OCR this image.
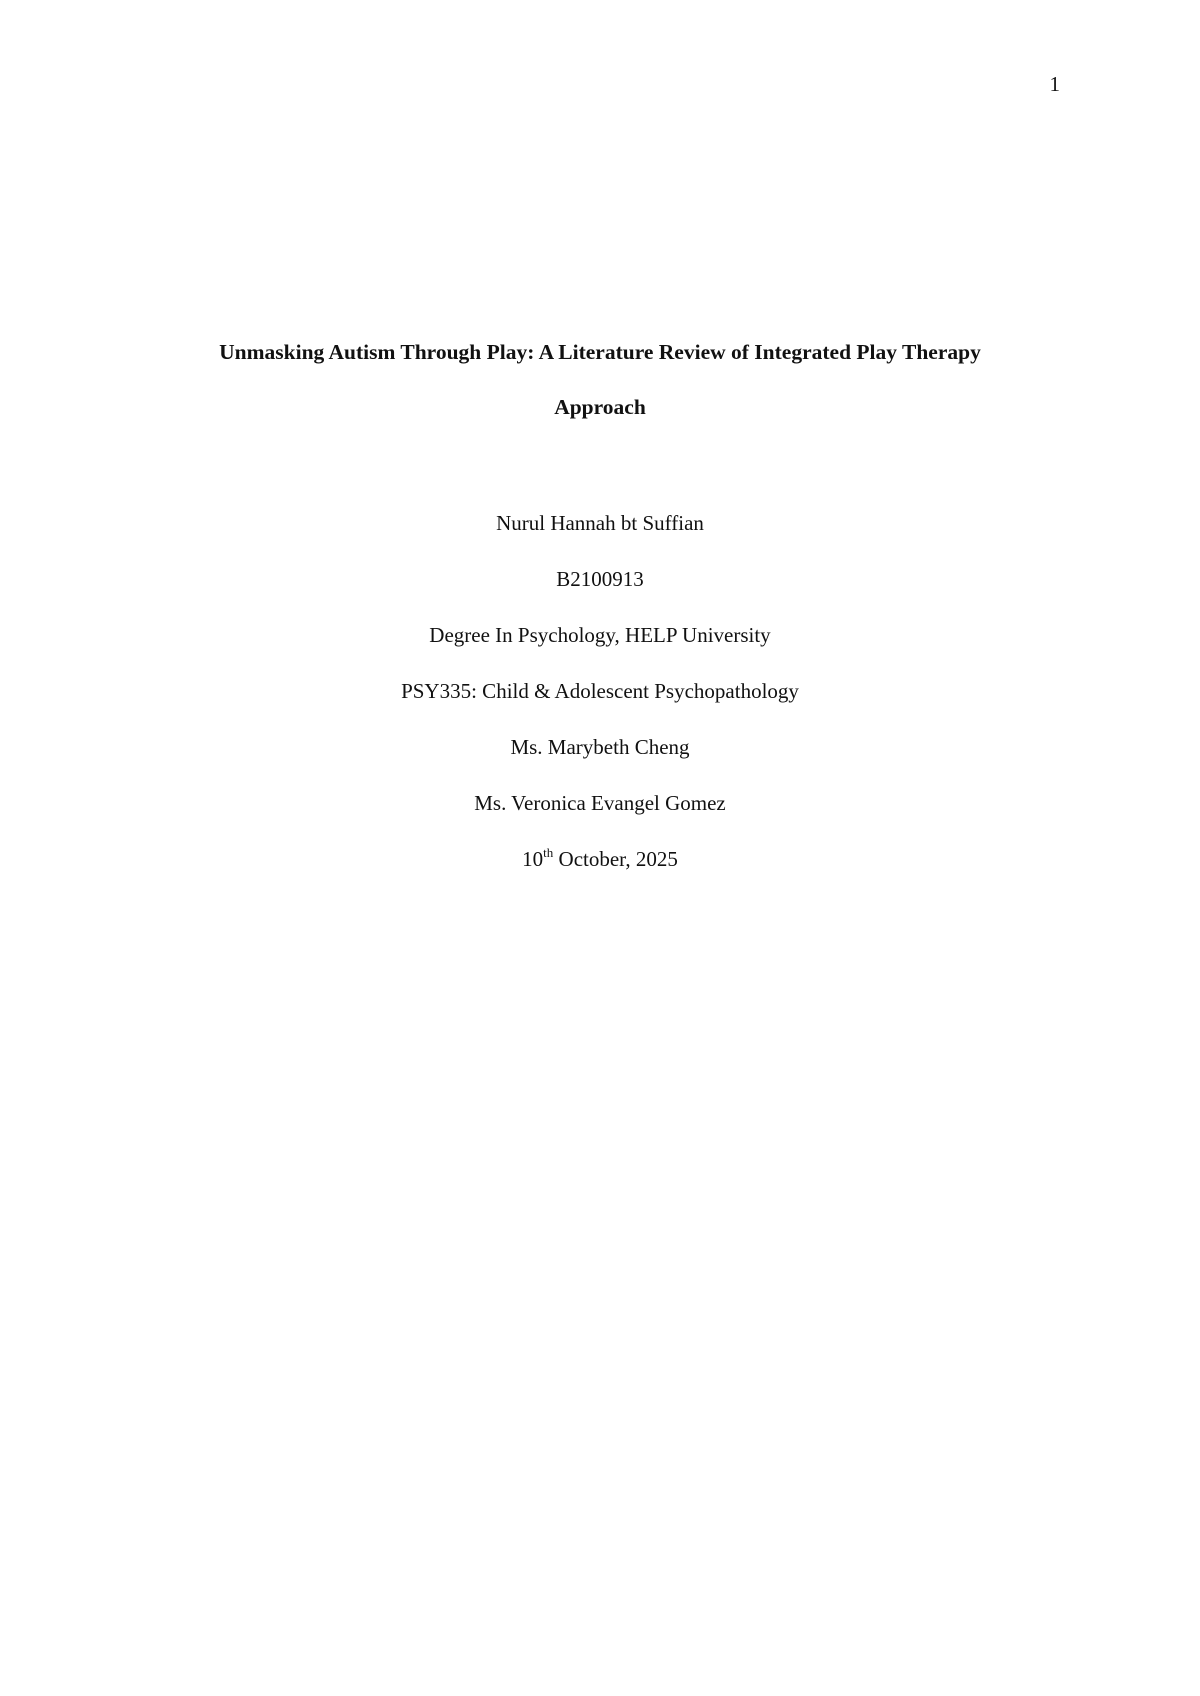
1
Unmasking Autism Through Play: A Literature Review of Integrated Play Therapy
Approach
Nurul Hannah bt Suffian
B2100913
Degree In Psychology, HELP University
PSY335: Child & Adolescent Psychopathology
Ms. Marybeth Cheng
Ms. Veronica Evangel Gomez
10th October, 2025
